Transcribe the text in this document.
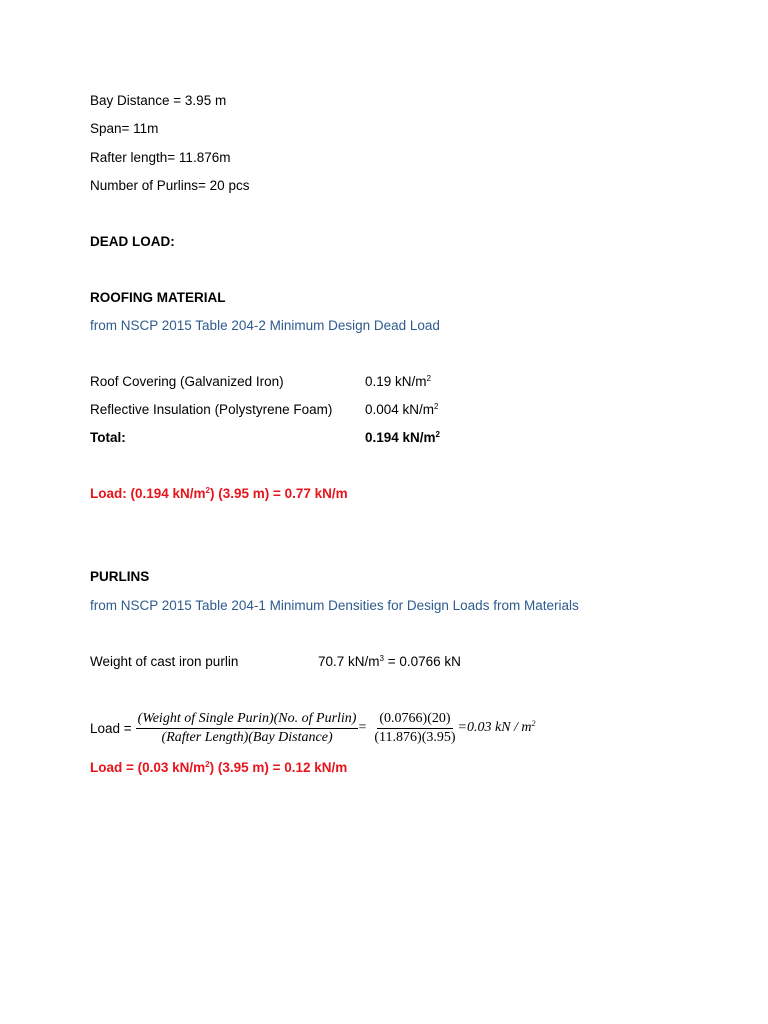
Bay Distance = 3.95 m
Span= 11m
Rafter length= 11.876m
Number of Purlins= 20 pcs
DEAD LOAD:
ROOFING MATERIAL
from NSCP 2015 Table 204-2 Minimum Design Dead Load
Roof Covering (Galvanized Iron)	0.19 $kN/m^2$
Reflective Insulation (Polystyrene Foam) 0.004 $kN/m^2$
Total:	0.194 $kN/m^2$
Load: (0.194 $kN/m^2$) (3.95 m) = 0.77 kN/m
PURLINS
from NSCP 2015 Table 204-1 Minimum Densities for Design Loads from Materials
Weight of cast iron purlin	70.7 $kN/m^3 = 0.0766$ kN
Load = $\frac{\text{(Weight of Single Purin)(No. of Purlin)}}{\text{(Rafter Length)(Bay Distance)}} = \frac{(0.0766)(20)}{(11.876)(3.95)} =0.03$ kN / $m^2$
Load = (0.03 $kN/m^2$) (3.95 m) = 0.12 kN/m
